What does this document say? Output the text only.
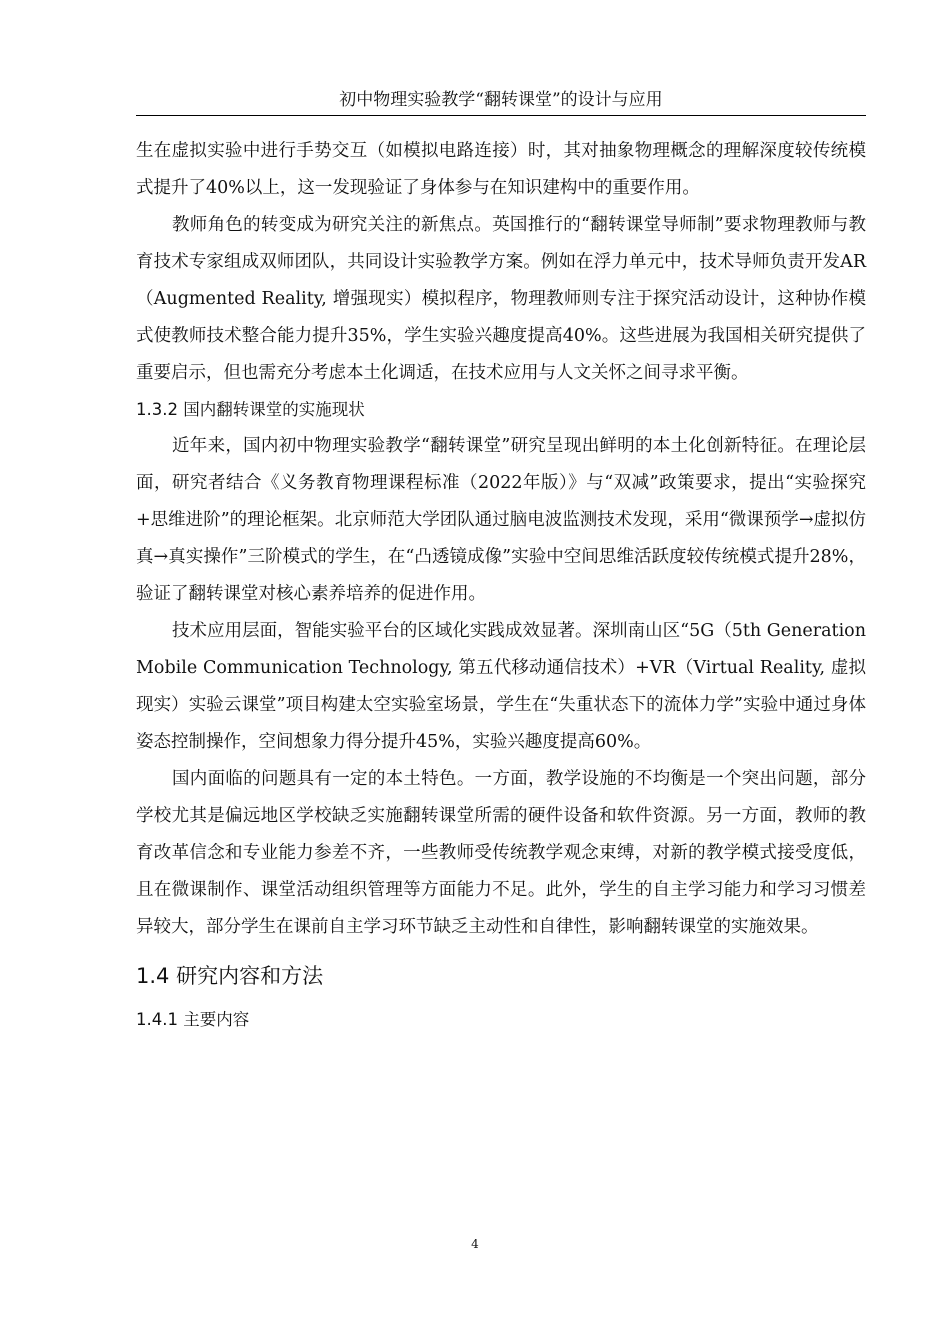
初中物理实验教学“翻转课堂”的设计与应用

生在虚拟实验中进行手势交互（如模拟电路连接）时，其对抽象物理概念的理解深度较传统模式提升了40%以上，这一发现验证了身体参与在知识建构中的重要作用。

教师角色的转变成为研究关注的新焦点。英国推行的“翻转课堂导师制”要求物理教师与教育技术专家组成双师团队，共同设计实验教学方案。例如在浮力单元中，技术导师负责开发AR（Augmented Reality, 增强现实）模拟程序，物理教师则专注于探究活动设计，这种协作模式使教师技术整合能力提升35%，学生实验兴趣度提高40%。这些进展为我国相关研究提供了重要启示，但也需充分考虑本土化调适，在技术应用与人文关怀之间寻求平衡。

1.3.2 国内翻转课堂的实施现状

近年来，国内初中物理实验教学“翻转课堂”研究呈现出鲜明的本土化创新特征。在理论层面，研究者结合《义务教育物理课程标准（2022年版）》与“双减”政策要求，提出“实验探究+思维进阶”的理论框架。北京师范大学团队通过脑电波监测技术发现，采用“微课预学→虚拟仿真→真实操作”三阶模式的学生，在“凸透镜成像”实验中空间思维活跃度较传统模式提升28%，验证了翻转课堂对核心素养培养的促进作用。

技术应用层面，智能实验平台的区域化实践成效显著。深圳南山区“5G（5th Generation Mobile Communication Technology, 第五代移动通信技术）+VR（Virtual Reality, 虚拟现实）实验云课堂”项目构建太空实验室场景，学生在“失重状态下的流体力学”实验中通过身体姿态控制操作，空间想象力得分提升45%，实验兴趣度提高60%。

国内面临的问题具有一定的本土特色。一方面，教学设施的不均衡是一个突出问题，部分学校尤其是偏远地区学校缺乏实施翻转课堂所需的硬件设备和软件资源。另一方面，教师的教育改革信念和专业能力参差不齐，一些教师受传统教学观念束缚，对新的教学模式接受度低，且在微课制作、课堂活动组织管理等方面能力不足。此外，学生的自主学习能力和学习习惯差异较大，部分学生在课前自主学习环节缺乏主动性和自律性，影响翻转课堂的实施效果。

1.4 研究内容和方法
1.4.1 主要内容
4
